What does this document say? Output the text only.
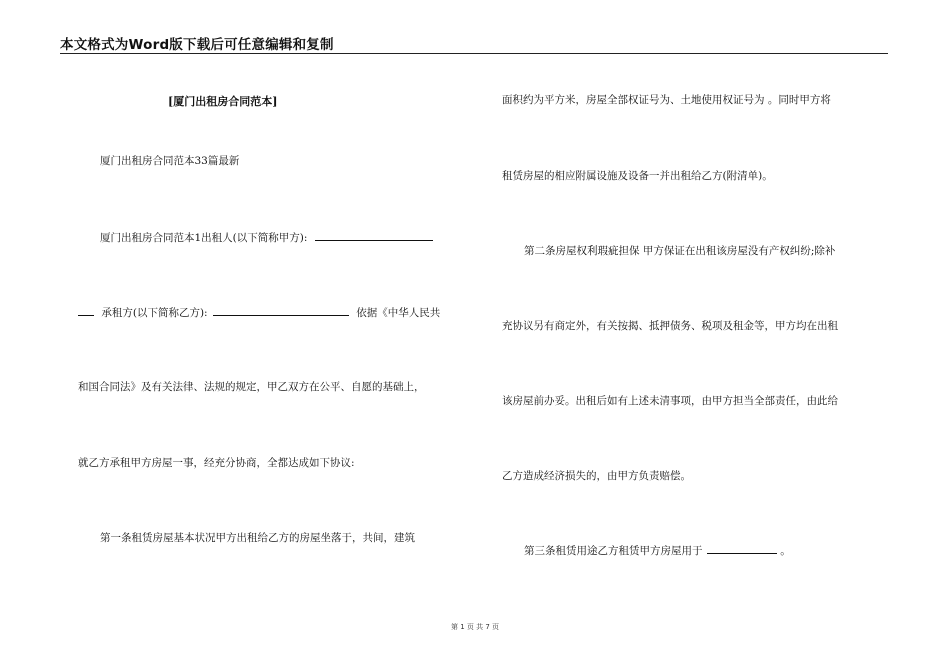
本文格式为Word版下载后可任意编辑和复制
[厦门出租房合同范本]
厦门出租房合同范本33篇最新
厦门出租房合同范本1出租人(以下简称甲方):
承租方(以下简称乙方):	依据《中华人民共
和国合同法》及有关法律、法规的规定，甲乙双方在公平、自愿的基础上，
就乙方承租甲方房屋一事，经充分协商，全都达成如下协议:
第一条租赁房屋基本状况甲方出租给乙方的房屋坐落于，共间，建筑
面积约为平方米，房屋全部权证号为、土地使用权证号为 。同时甲方将
租赁房屋的相应附属设施及设备一并出租给乙方(附清单)。
第二条房屋权利瑕疵担保 甲方保证在出租该房屋没有产权纠纷;除补
充协议另有商定外，有关按揭、抵押债务、税项及租金等，甲方均在出租
该房屋前办妥。出租后如有上述未清事项，由甲方担当全部责任，由此给
乙方造成经济损失的，由甲方负责赔偿。
第三条租赁用途乙方租赁甲方房屋用于	。
第 1 页 共 7 页
